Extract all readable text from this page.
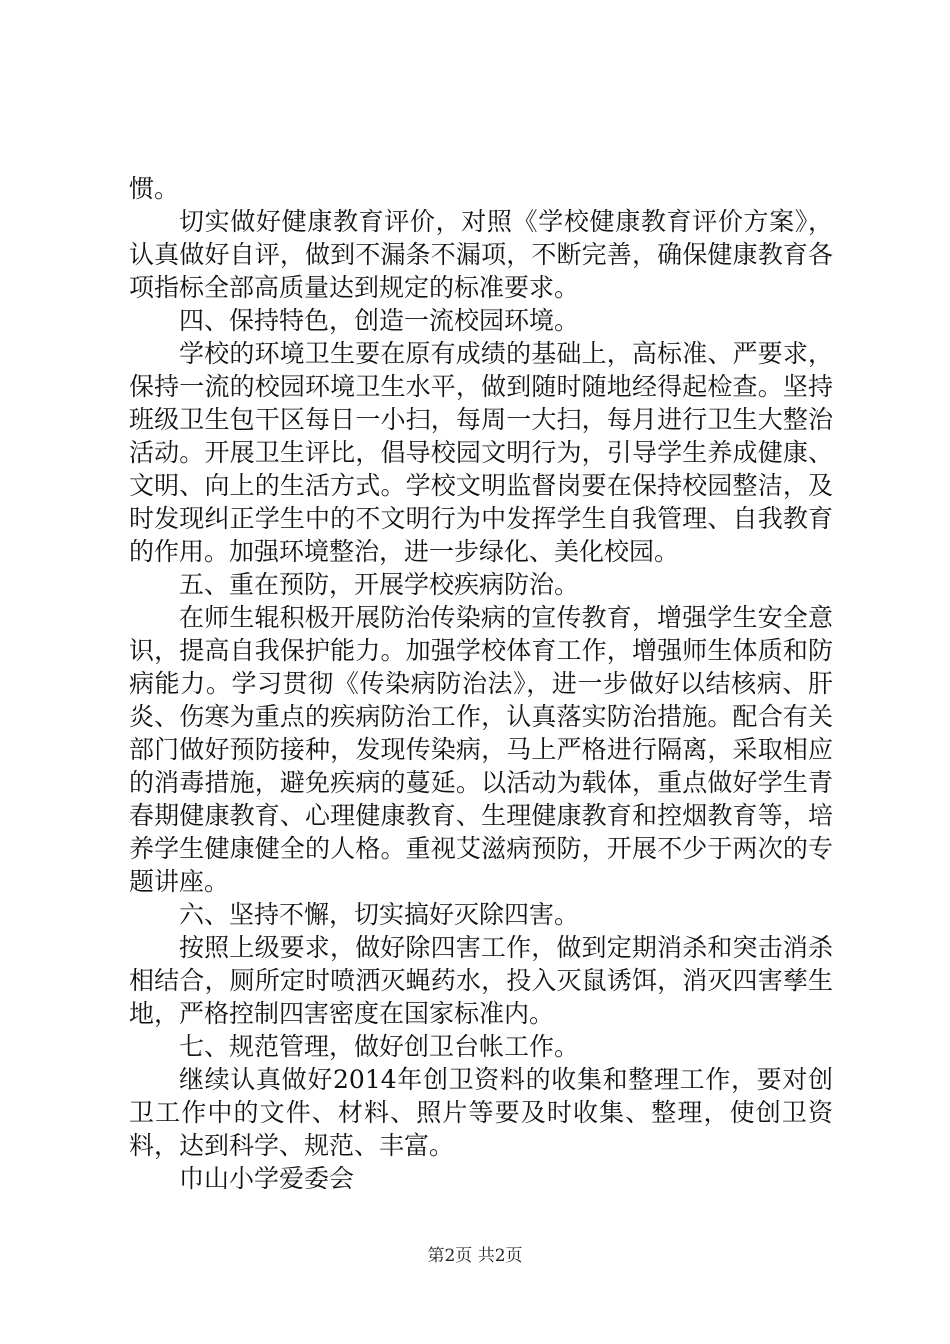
惯。

切实做好健康教育评价，对照《学校健康教育评价方案》，认真做好自评，做到不漏条不漏项，不断完善，确保健康教育各项指标全部高质量达到规定的标准要求。

四、保持特色，创造一流校园环境。

学校的环境卫生要在原有成绩的基础上，高标准、严要求，保持一流的校园环境卫生水平，做到随时随地经得起检查。坚持班级卫生包干区每日一小扫，每周一大扫，每月进行卫生大整治活动。开展卫生评比，倡导校园文明行为，引导学生养成健康、文明、向上的生活方式。学校文明监督岗要在保持校园整洁，及时发现纠正学生中的不文明行为中发挥学生自我管理、自我教育的作用。加强环境整治，进一步绿化、美化校园。

五、重在预防，开展学校疾病防治。

在师生辊积极开展防治传染病的宣传教育，增强学生安全意识，提高自我保护能力。加强学校体育工作，增强师生体质和防病能力。学习贯彻《传染病防治法》，进一步做好以结核病、肝炎、伤寒为重点的疾病防治工作，认真落实防治措施。配合有关部门做好预防接种，发现传染病，马上严格进行隔离，采取相应的消毒措施，避免疾病的蔓延。以活动为载体，重点做好学生青春期健康教育、心理健康教育、生理健康教育和控烟教育等，培养学生健康健全的人格。重视艾滋病预防，开展不少于两次的专题讲座。

六、坚持不懈，切实搞好灭除四害。

按照上级要求，做好除四害工作，做到定期消杀和突击消杀相结合，厕所定时喷洒灭蝇药水，投入灭鼠诱饵，消灭四害孳生地，严格控制四害密度在国家标准内。

七、规范管理，做好创卫台帐工作。

继续认真做好2014年创卫资料的收集和整理工作，要对创卫工作中的文件、材料、照片等要及时收集、整理，使创卫资料，达到科学、规范、丰富。

巾山小学爱委会

第2页 共2页
